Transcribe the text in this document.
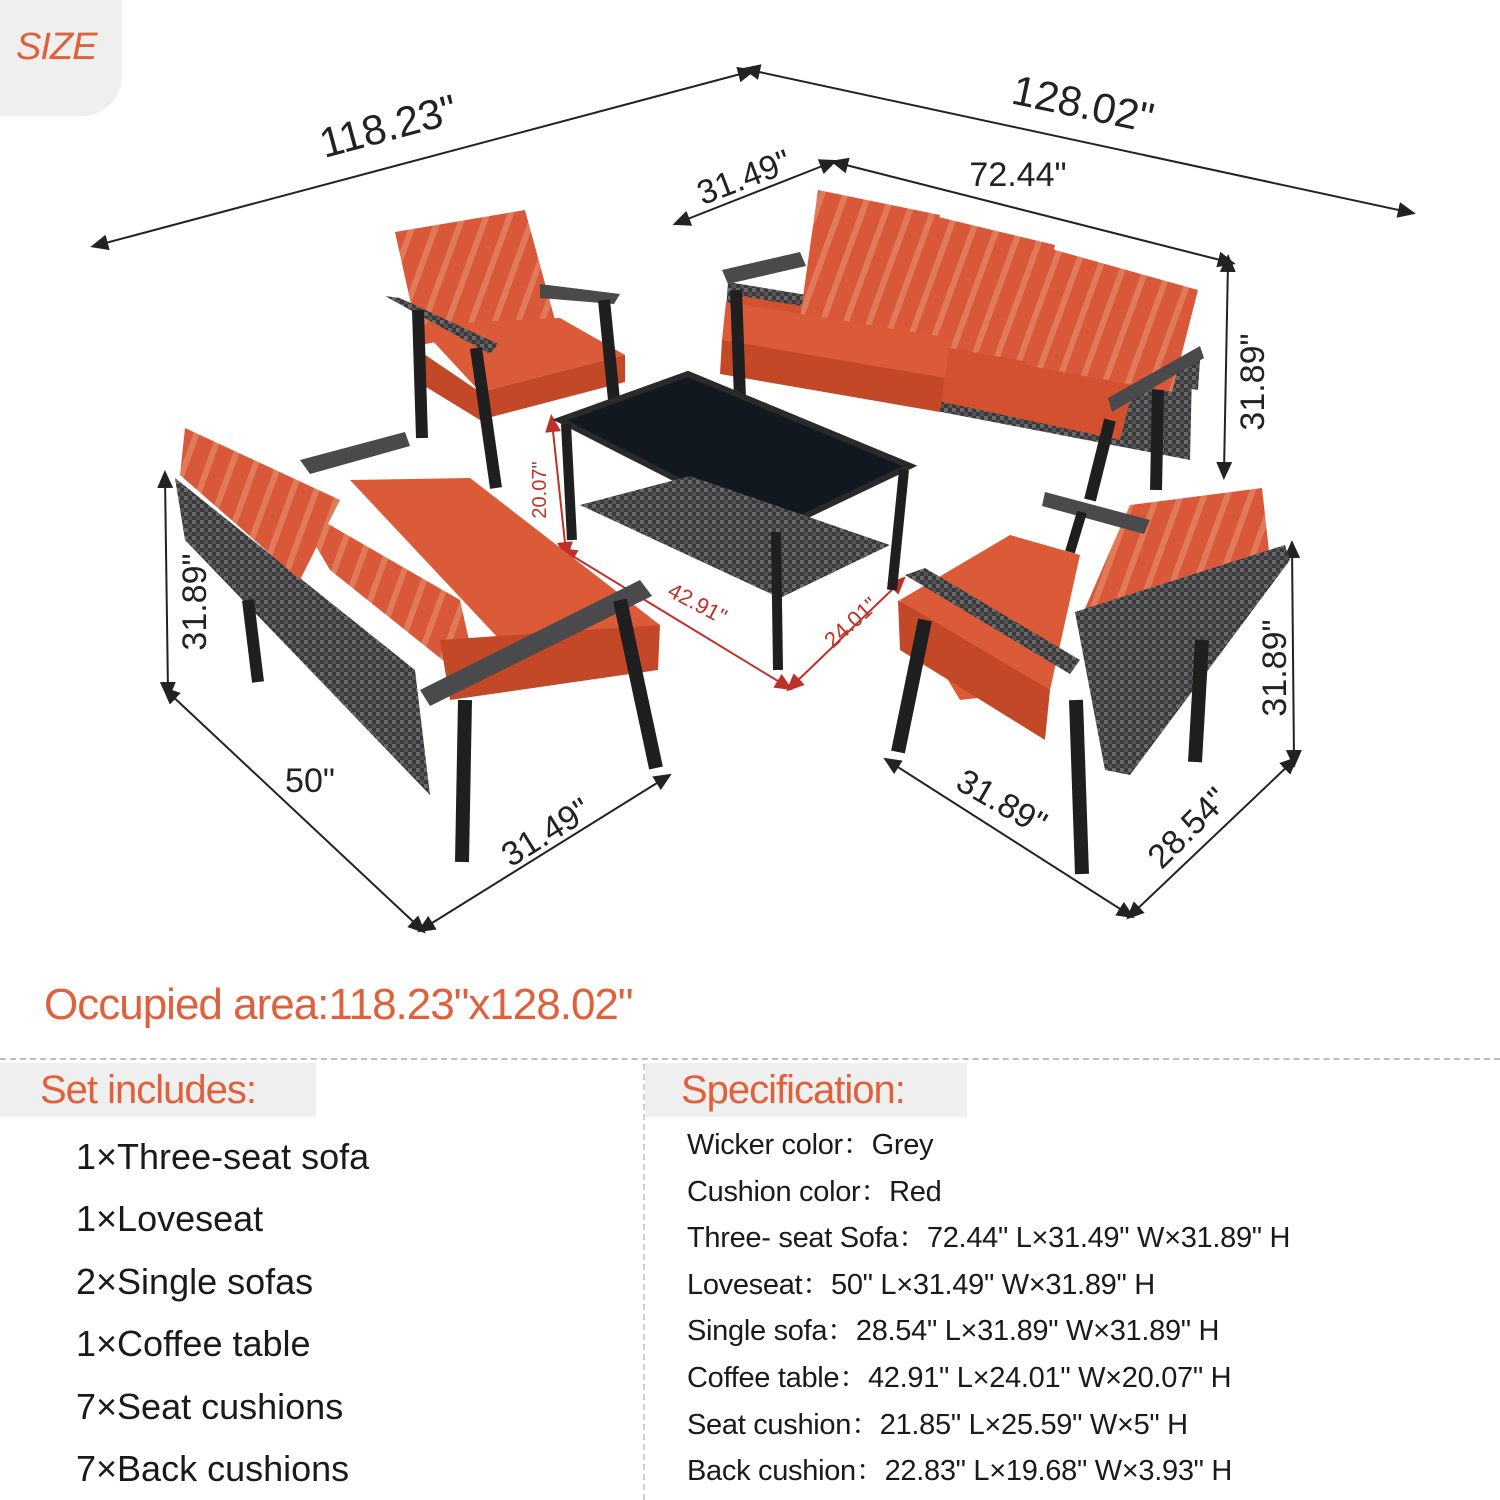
SIZE
118.23"	128.02"
31.49"	72.44"
31.89"
20.07"
42.91"	24.01"
31.89"
50"
31.49"	31.89"	28.54"
31.89"
Occupied area:118.23"x128.02"
Set includes:
1×Three-seat sofa
1×Loveseat
2×Single sofas
1×Coffee table
7×Seat cushions
7×Back cushions
Specification:
Wicker color：Grey
Cushion color：Red
Three- seat Sofa：72.44" L×31.49" W×31.89" H
Loveseat：50" L×31.49" W×31.89" H
Single sofa：28.54" L×31.89" W×31.89" H
Coffee table：42.91" L×24.01" W×20.07" H
Seat cushion：21.85" L×25.59" W×5" H
Back cushion：22.83" L×19.68" W×3.93" H
